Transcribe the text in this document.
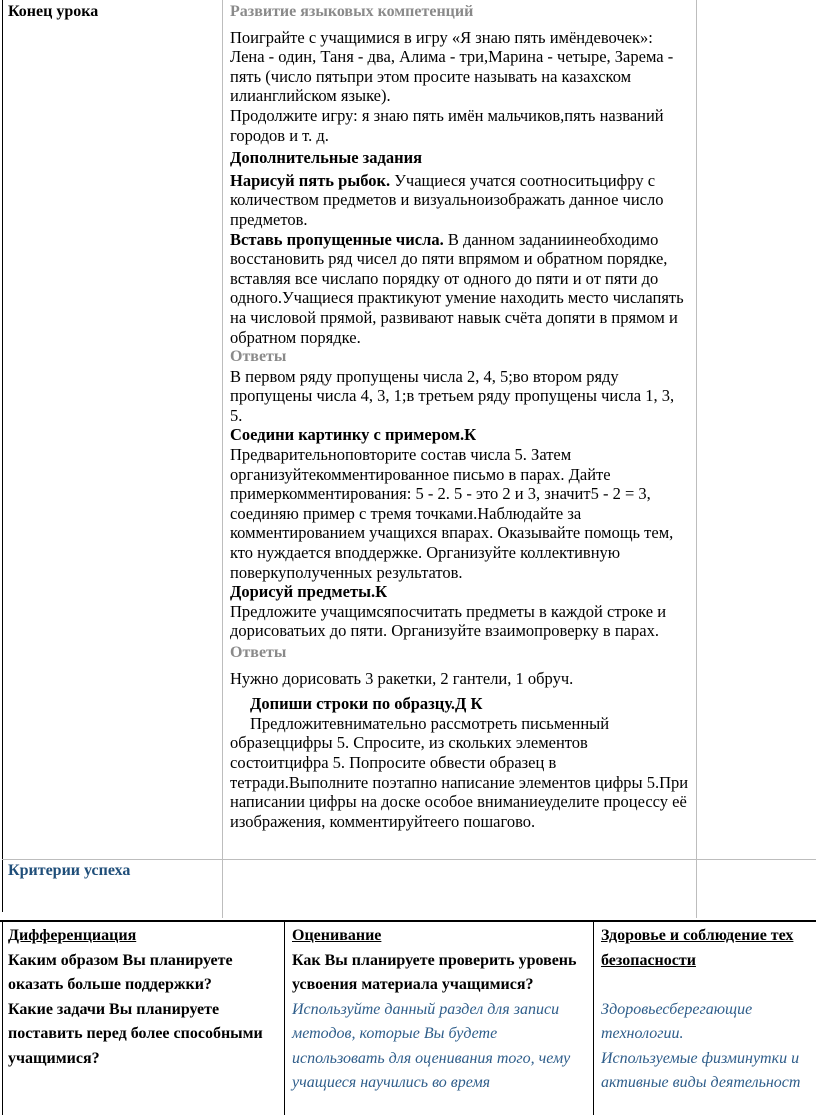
Конец урока	Развитие языковых компетенций

Поиграйте с учащимися в игру «Я знаю пять имёндевочек»: Лена - один, Таня - два, Алима - три,Марина - четыре, Зарема - пять (число пятьпри этом просите называть на казахском илианглийском языке).

Продолжите игру: я знаю пять имён мальчиков,пять названий городов и т. д.

Дополнительные задания

Нарисуй пять рыбок. Учащиеся учатся соотноситьцифру с количеством предметов и визуальноизображать данное число предметов.

Вставь пропущенные числа. В данном заданиинеобходимо восстановить ряд чисел до пяти впрямом и обратном порядке, вставляя все числапо порядку от одного до пяти и от пяти до одного.Учащиеся практикуют умение находить место числапять на числовой прямой, развивают навык счёта допяти в прямом и обратном порядке.

Ответы

В первом ряду пропущены числа 2, 4, 5;во втором ряду пропущены числа 4, 3, 1;в третьем ряду пропущены числа 1, 3, 5.

Соедини картинку с примером.К

Предварительноповторите состав числа 5. Затем организуйтекомментированное письмо в парах. Дайте примеркомментирования: 5 - 2. 5 - это 2 и 3, значит5 - 2 = 3, соединяю пример с тремя точками.Наблюдайте за комментированием учащихся впарах. Оказывайте помощь тем, кто нуждается вподдержке. Организуйте коллективную поверкуполученных результатов.

Дорисуй предметы.К

Предложите учащимсяпосчитать предметы в каждой строке и дорисоватьих до пяти. Организуйте взаимопроверку в парах.

Ответы

Нужно дорисовать 3 ракетки, 2 гантели, 1 обруч.

Допиши строки по образцу.Д К

Предложитевнимательно рассмотреть письменный образеццифры 5. Спросите, из скольких элементов состоитцифра 5. Попросите обвести образец в тетради.Выполните поэтапно написание элементов цифры 5.При написании цифры на доске особое вниманиеуделите процессу её изображения, комментируйтеего пошагово.

Критерии успеха
Дифференциация
Каким образом Вы планируете оказать больше поддержки?
Какие задачи Вы планируете поставить перед более способными учащимися?
Оценивание
Как Вы планируете проверить уровень усвоения материала учащимися?
Используйте данный раздел для записи методов, которые Вы будете использовать для оценивания того, чему учащиеся научились во время
Здоровье и соблюдение тех
безопасности
Здоровьесберегающие технологии.
Используемые физминутки и активные виды деятельност
